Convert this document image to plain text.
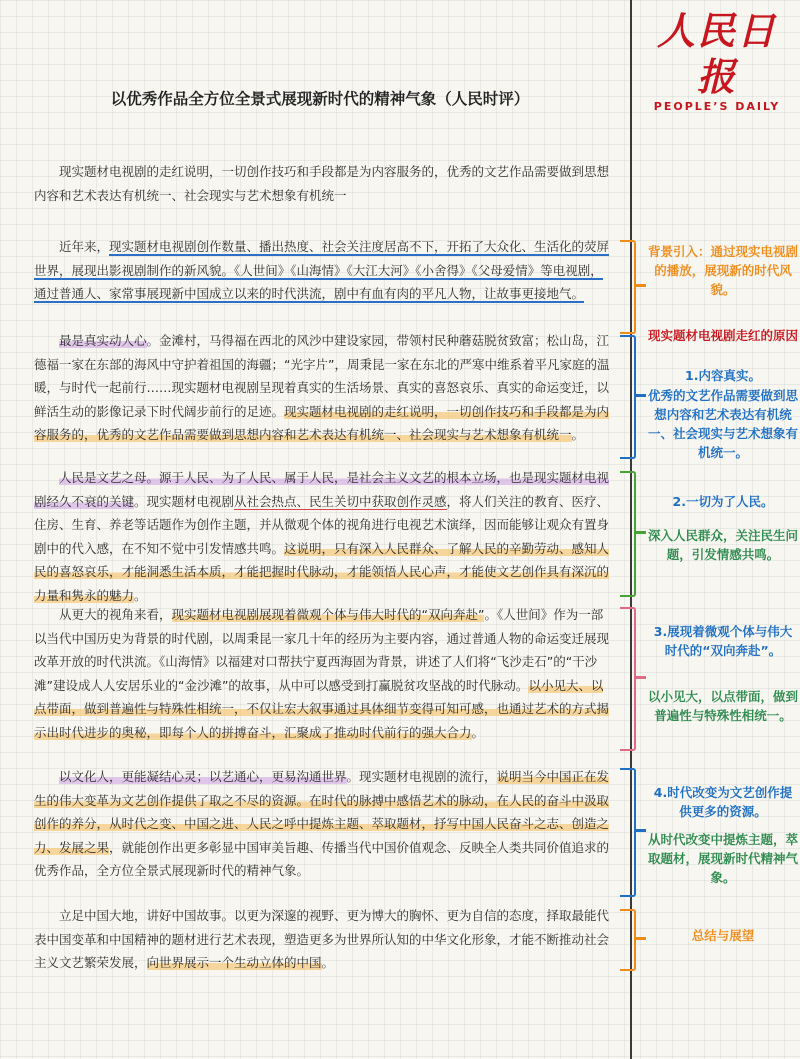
人民日报
PEOPLE’S DAILY
以优秀作品全方位全景式展现新时代的精神气象（人民时评）

现实题材电视剧的走红说明，一切创作技巧和手段都是为内容服务的，优秀的文艺作品需要做到思想内容和艺术表达有机统一、社会现实与艺术想象有机统一

近年来，现实题材电视剧创作数量、播出热度、社会关注度居高不下，开拓了大众化、生活化的荧屏世界，展现出影视剧制作的新风貌。《人世间》《山海情》《大江大河》《小舍得》《父母爱情》等电视剧，通过普通人、家常事展现新中国成立以来的时代洪流，剧中有血有肉的平凡人物，让故事更接地气。

最是真实动人心。金滩村，马得福在西北的风沙中建设家园，带领村民种蘑菇脱贫致富；松山岛，江德福一家在东部的海风中守护着祖国的海疆；“光字片”，周秉昆一家在东北的严寒中维系着平凡家庭的温暖，与时代一起前行……现实题材电视剧呈现着真实的生活场景、真实的喜怒哀乐、真实的命运变迁，以鲜活生动的影像记录下时代阔步前行的足迹。现实题材电视剧的走红说明，一切创作技巧和手段都是为内容服务的，优秀的文艺作品需要做到思想内容和艺术表达有机统一、社会现实与艺术想象有机统一。

人民是文艺之母。源于人民、为了人民、属于人民，是社会主义文艺的根本立场，也是现实题材电视剧经久不衰的关键。现实题材电视剧从社会热点、民生关切中获取创作灵感，将人们关注的教育、医疗、住房、生育、养老等话题作为创作主题，并从微观个体的视角进行电视艺术演绎，因而能够让观众有置身剧中的代入感，在不知不觉中引发情感共鸣。这说明，只有深入人民群众、了解人民的辛勤劳动、感知人民的喜怒哀乐，才能洞悉生活本质，才能把握时代脉动，才能领悟人民心声，才能使文艺创作具有深沉的力量和隽永的魅力。

从更大的视角来看，现实题材电视剧展现着微观个体与伟大时代的“双向奔赴”。《人世间》作为一部以当代中国历史为背景的时代剧，以周秉昆一家几十年的经历为主要内容，通过普通人物的命运变迁展现改革开放的时代洪流。《山海情》以福建对口帮扶宁夏西海固为背景，讲述了人们将“飞沙走石”的“干沙滩”建设成人人安居乐业的“金沙滩”的故事，从中可以感受到打赢脱贫攻坚战的时代脉动。以小见大、以点带面，做到普遍性与特殊性相统一，不仅让宏大叙事通过具体细节变得可知可感，也通过艺术的方式揭示出时代进步的奥秘，即每个人的拼搏奋斗，汇聚成了推动时代前行的强大合力。

以文化人，更能凝结心灵；以艺通心，更易沟通世界。现实题材电视剧的流行，说明当今中国正在发生的伟大变革为文艺创作提供了取之不尽的资源。在时代的脉搏中感悟艺术的脉动，在人民的奋斗中汲取创作的养分，从时代之变、中国之进、人民之呼中提炼主题、萃取题材，抒写中国人民奋斗之志、创造之力、发展之果，就能创作出更多彰显中国审美旨趣、传播当代中国价值观念、反映全人类共同价值追求的优秀作品，全方位全景式展现新时代的精神气象。

立足中国大地，讲好中国故事。以更为深邃的视野、更为博大的胸怀、更为自信的态度，择取最能代表中国变革和中国精神的题材进行艺术表现，塑造更多为世界所认知的中华文化形象，才能不断推动社会主义文艺繁荣发展，向世界展示一个生动立体的中国。

背景引入：通过现实电视剧的播放，展现新的时代风貌。
现实题材电视剧走红的原因
1.内容真实。
优秀的文艺作品需要做到思想内容和艺术表达有机统一、社会现实与艺术想象有机统一。
2.一切为了人民。
深入人民群众，关注民生问题，引发情感共鸣。
3.展现着微观个体与伟大时代的“双向奔赴”。
以小见大，以点带面，做到普遍性与特殊性相统一。
4.时代改变为文艺创作提供更多的资源。
从时代改变中提炼主题，萃取题材，展现新时代精神气象。
总结与展望
